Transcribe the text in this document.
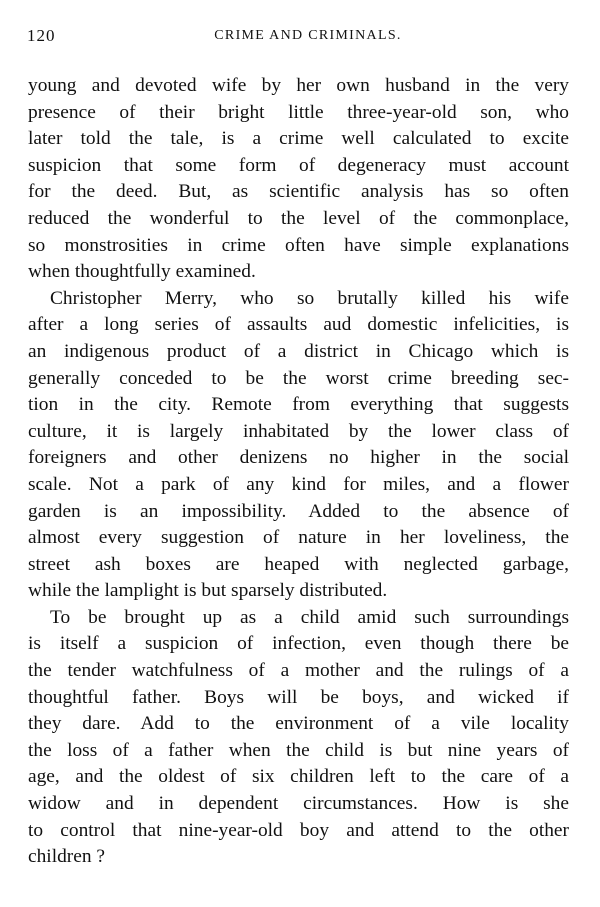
120	CRIME AND CRIMINALS.

young and devoted wife by her own husband in the very
presence of their bright little three-year-old son, who
later told the tale, is a crime well calculated to excite
suspicion that some form of degeneracy must account
for the deed. But, as scientific analysis has so often
reduced the wonderful to the level of the commonplace,
so monstrosities in crime often have simple explanations
when thoughtfully examined.

Christopher Merry, who so brutally killed his wife
after a long series of assaults aud domestic infelicities, is
an indigenous product of a district in Chicago which is
generally conceded to be the worst crime breeding sec-
tion in the city. Remote from everything that suggests
culture, it is largely inhabitated by the lower class of
foreigners and other denizens no higher in the social
scale. Not a park of any kind for miles, and a flower
garden is an impossibility. Added to the absence of
almost every suggestion of nature in her loveliness, the
street ash boxes are heaped with neglected garbage,
while the lamplight is but sparsely distributed.

To be brought up as a child amid such surroundings
is itself a suspicion of infection, even though there be
the tender watchfulness of a mother and the rulings of a
thoughtful father. Boys will be boys, and wicked if
they dare. Add to the environment of a vile locality
the loss of a father when the child is but nine years of
age, and the oldest of six children left to the care of a
widow and in dependent circumstances. How is she
to control that nine-year-old boy and attend to the other
children ?
